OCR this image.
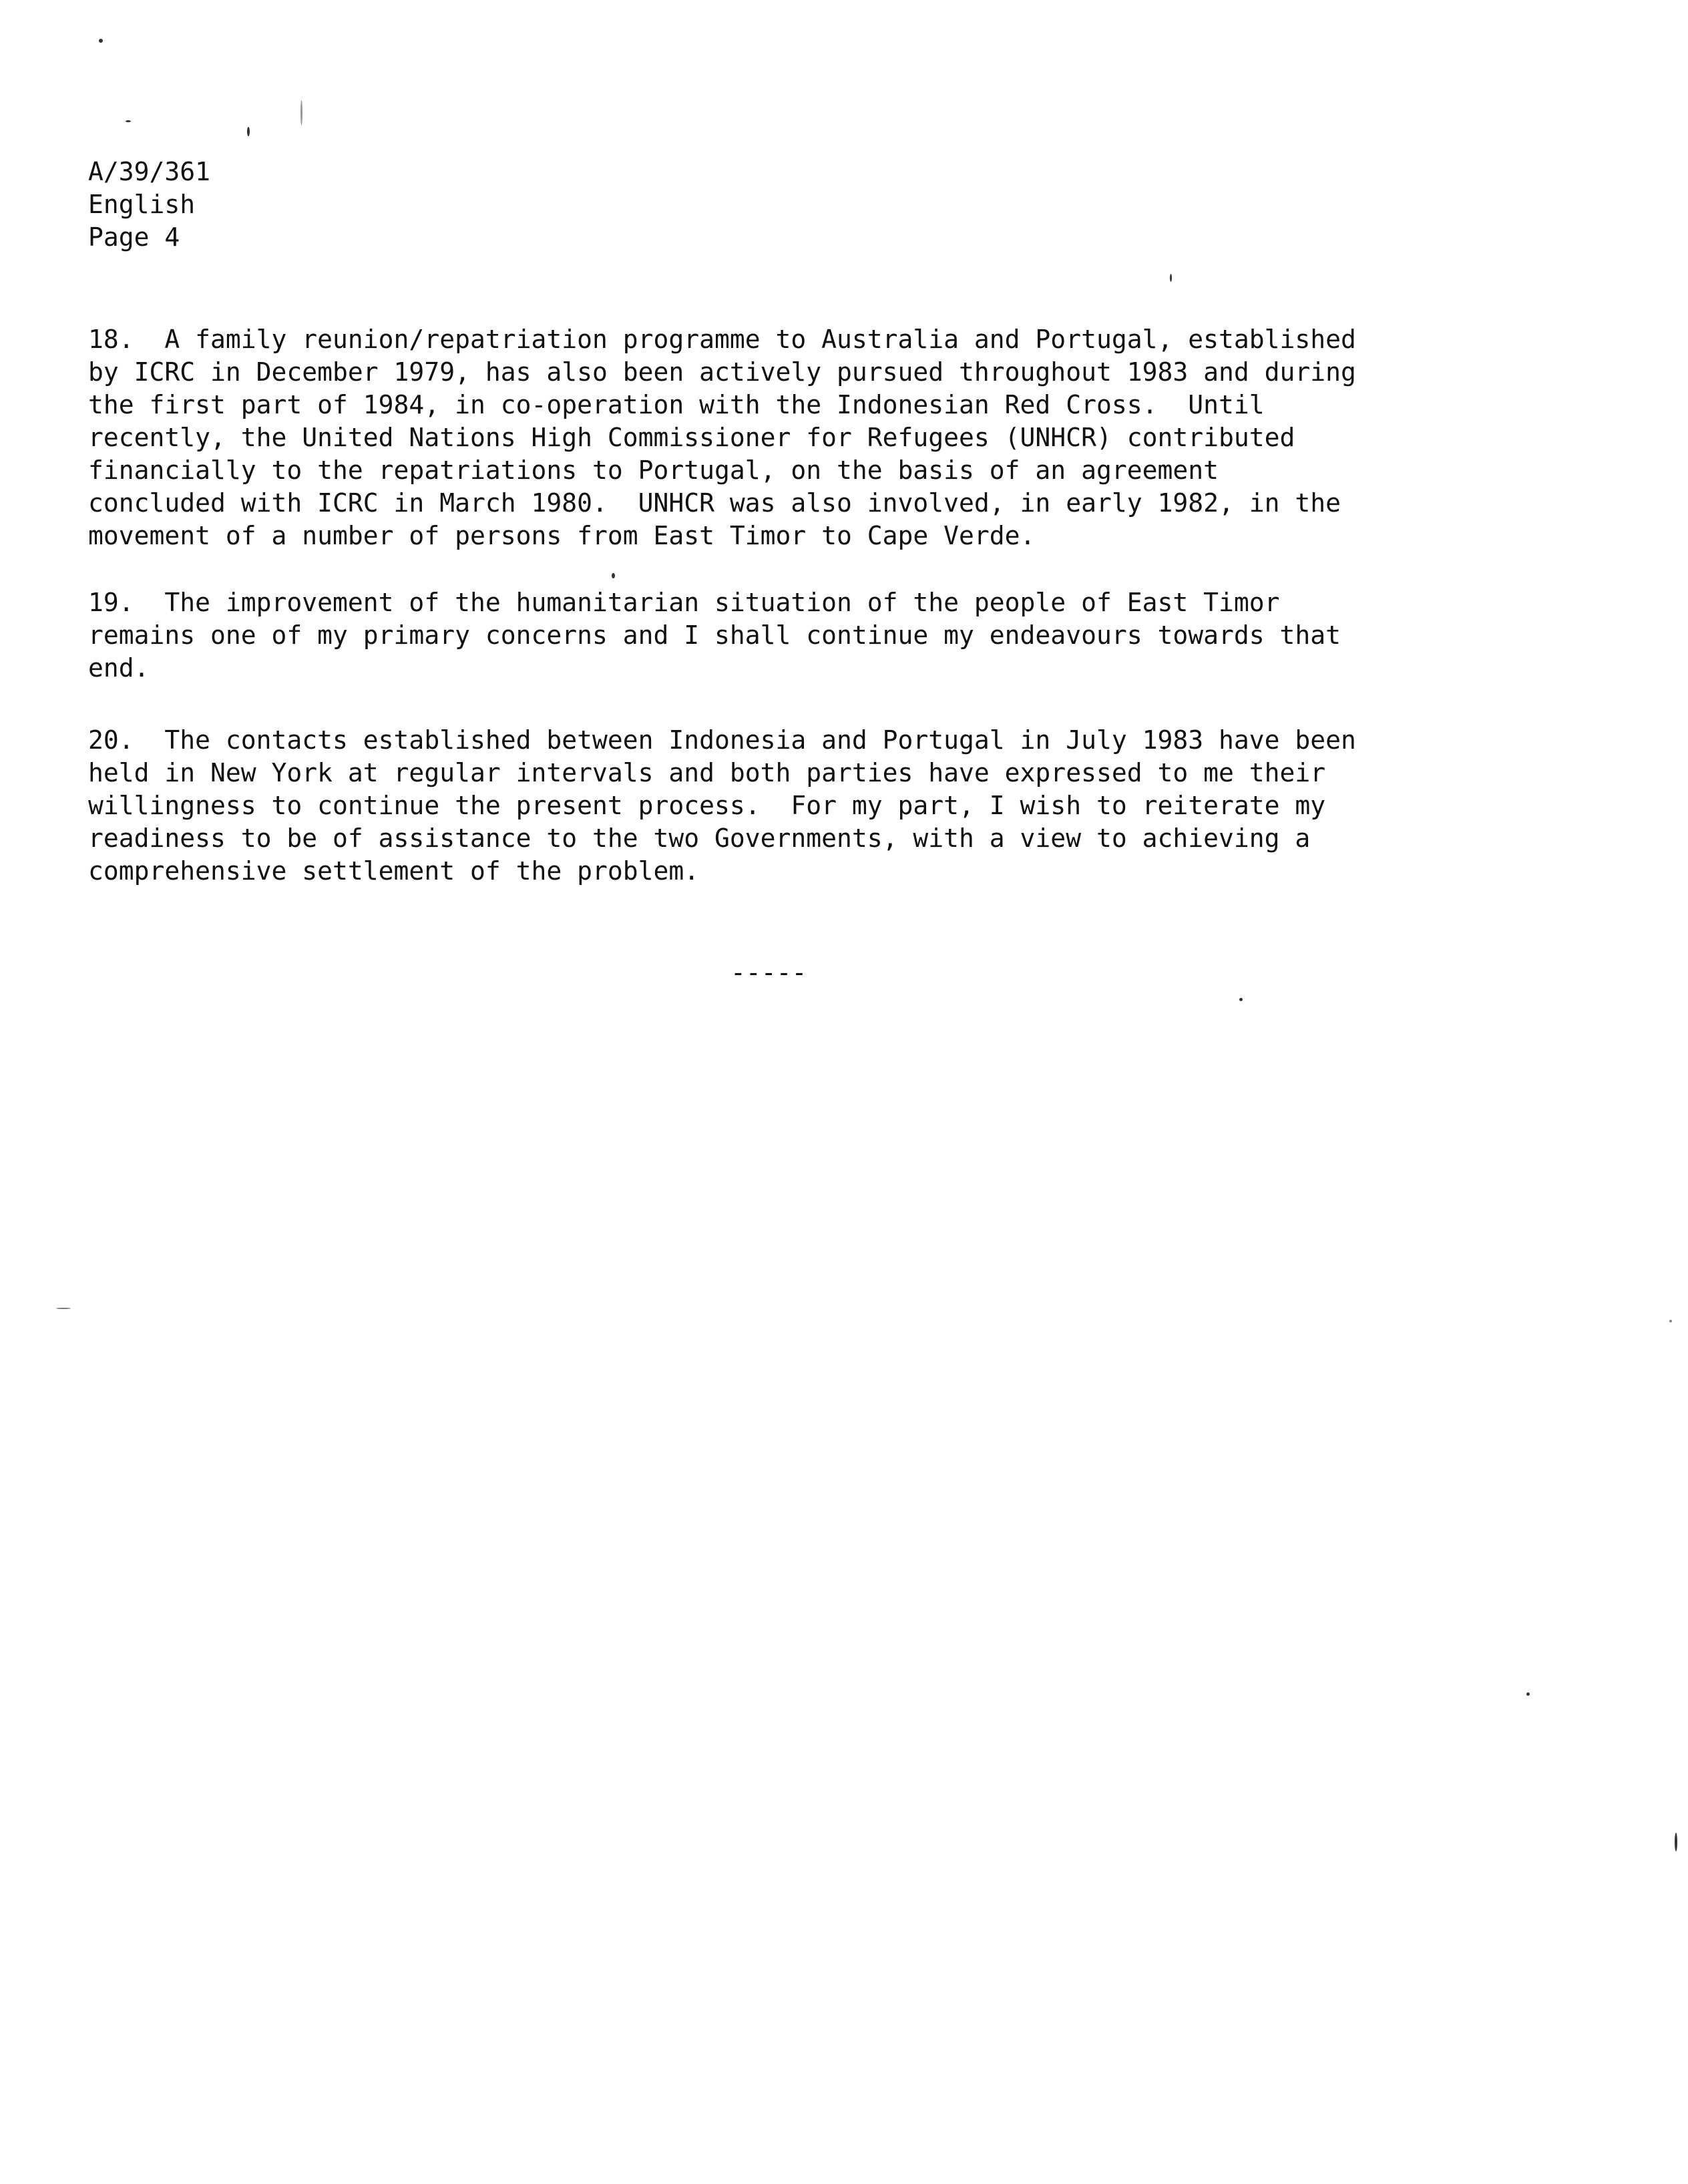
A/39/361
English
Page 4
18.  A family reunion/repatriation programme to Australia and Portugal, established
by ICRC in December 1979, has also been actively pursued throughout 1983 and during
the first part of 1984, in co-operation with the Indonesian Red Cross.  Until
recently, the United Nations High Commissioner for Refugees (UNHCR) contributed
financially to the repatriations to Portugal, on the basis of an agreement
concluded with ICRC in March 1980.  UNHCR was also involved, in early 1982, in the
movement of a number of persons from East Timor to Cape Verde.
19.  The improvement of the humanitarian situation of the people of East Timor
remains one of my primary concerns and I shall continue my endeavours towards that
end.
20.  The contacts established between Indonesia and Portugal in July 1983 have been
held in New York at regular intervals and both parties have expressed to me their
willingness to continue the present process.  For my part, I wish to reiterate my
readiness to be of assistance to the two Governments, with a view to achieving a
comprehensive settlement of the problem.
-----
